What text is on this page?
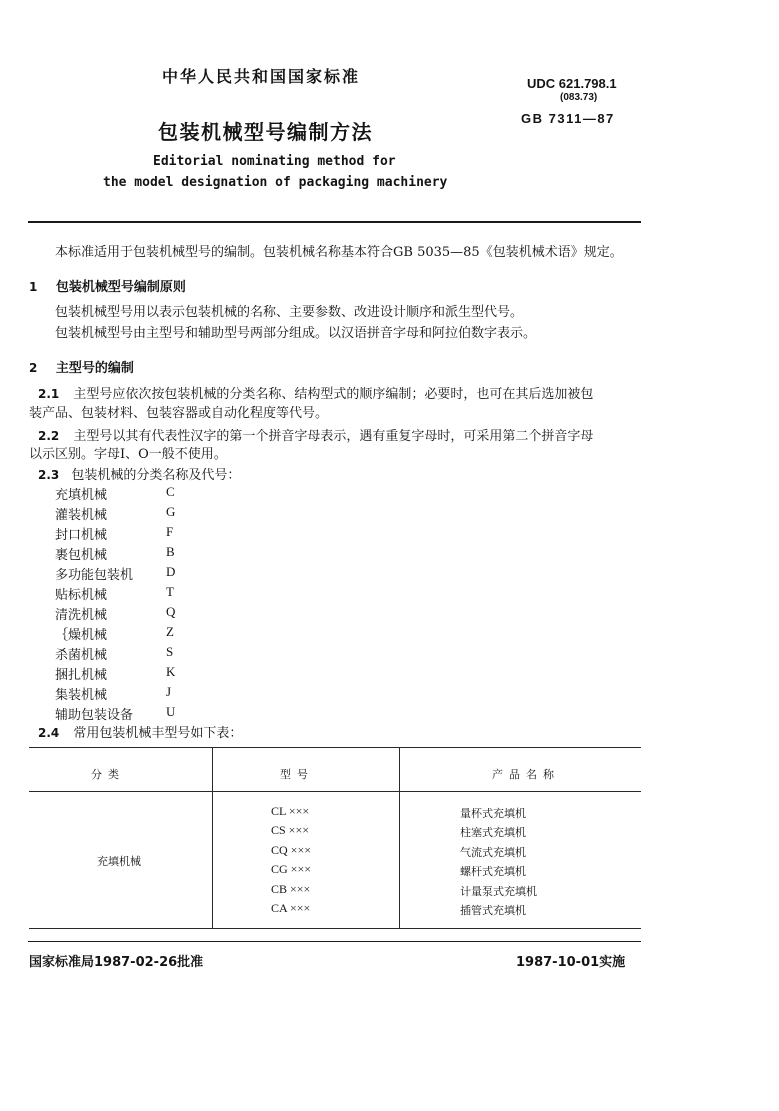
中华人民共和国国家标准	UDC 621.798.1
(083.73)
GB 7311—87
包装机械型号编制方法
Editorial nominating method for
the model designation of packaging machinery
本标准适用于包装机械型号的编制。包装机械名称基本符合GB 5035—85《包装机械术语》规定。
1 包装机械型号编制原则
包装机械型号用以表示包装机械的名称、主要参数、改进设计顺序和派生型代号。
包装机械型号由主型号和辅助型号两部分组成。以汉语拼音字母和阿拉伯数字表示。
2 主型号的编制
2.1 主型号应依次按包装机械的分类名称、结构型式的顺序编制；必要时，也可在其后选加被包
装产品、包装材料、包装容器或自动化程度等代号。
2.2 主型号以其有代表性汉字的第一个拼音字母表示，遇有重复字母时，可采用第二个拼音字母
以示区别。字母I、O一般不使用。
2.3 包装机械的分类名称及代号：
充填机械	C
灌装机械	G
封口机械	F
裹包机械	B
多功能包装机	D
贴标机械	T
清洗机械	Q
｛燥机械	Z
杀菌机械	S
捆扎机械	K
集装机械	J
辅助包装设备	U
2.4 常用包装机械丰型号如下表：
分类	型号	产品名称
充填机械
CL ×××	量杯式充填机
CS ×××	柱塞式充填机
CQ ×××	气流式充填机
CG ×××	螺杆式充填机
CB ×××	计量泵式充填机
CA ×××	插管式充填机
国家标准局1987-02-26批准	1987-10-01实施
